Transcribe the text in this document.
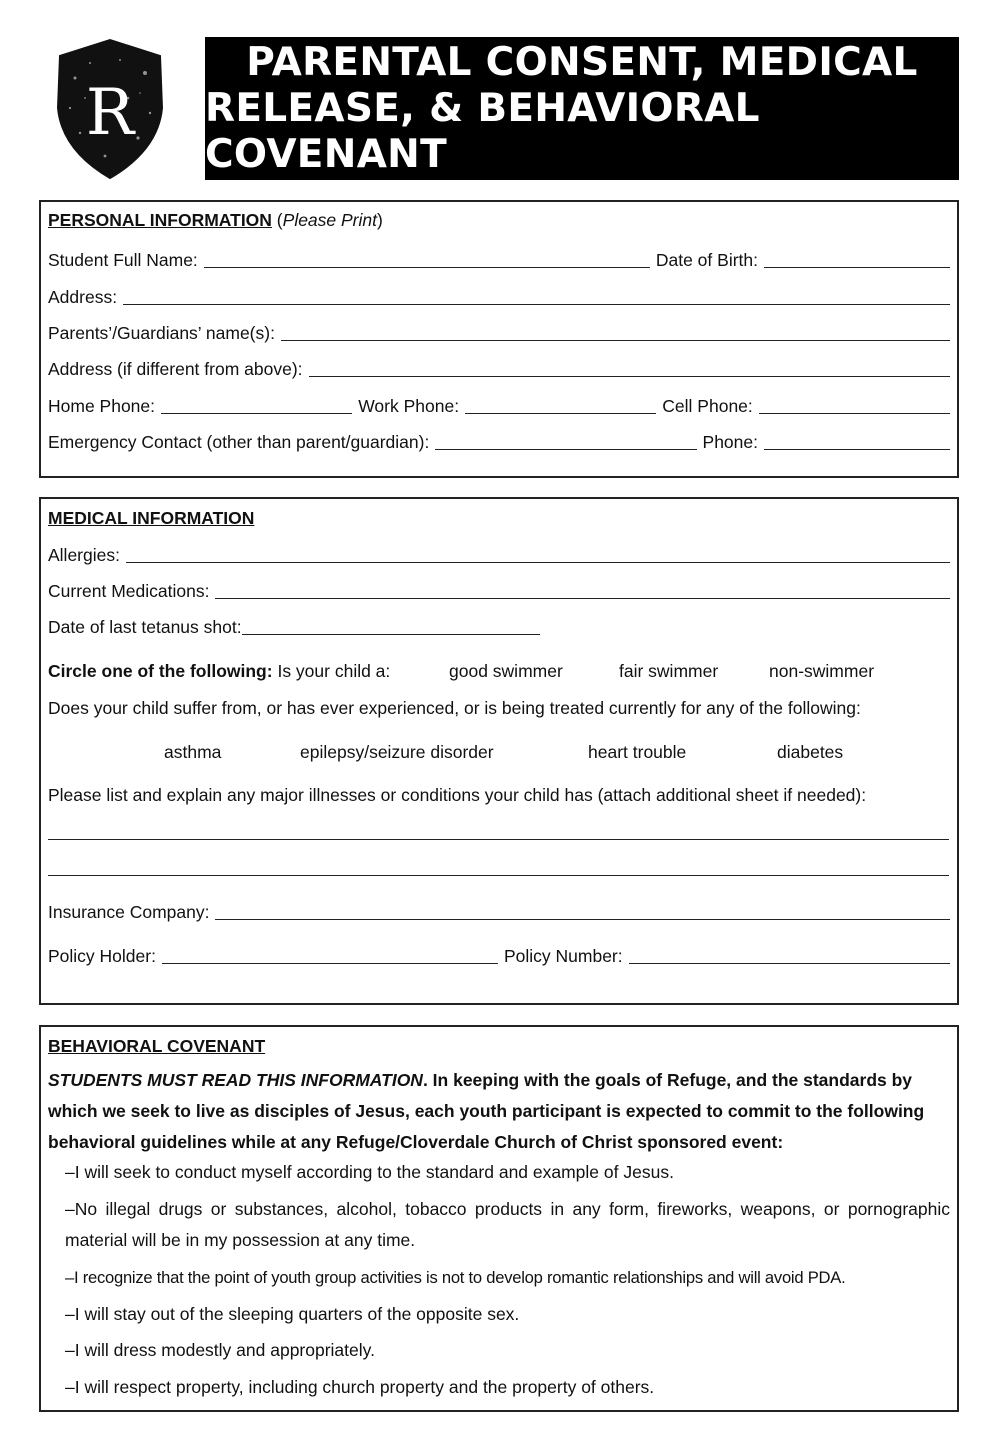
R
PARENTAL CONSENT, MEDICAL
RELEASE, & BEHAVIORAL COVENANT
PERSONAL INFORMATION ( Please Print )
Student Full Name:	Date of Birth:
Address:
Parents’/Guardians’ name(s):
Address (if different from above):
Home Phone:	Work Phone:	Cell Phone:
Emergency Contact (other than parent/guardian):	Phone:
MEDICAL INFORMATION
Allergies:
Current Medications:
Date of last tetanus shot:
Circle one of the following:
Is your child a:	good swimmer	fair swimmer	non-swimmer
Does your child suffer from, or has ever experienced, or is being treated currently for any of the following:
asthma	epilepsy/seizure disorder	heart trouble	diabetes
Please list and explain any major illnesses or conditions your child has (attach additional sheet if needed):
Insurance Company:
Policy Holder:	Policy Number:
BEHAVIORAL COVENANT
STUDENTS MUST READ THIS INFORMATION. In keeping with the goals of Refuge, and the standards by which we seek to live as disciples of Jesus, each youth participant is expected to commit to the following behavioral guidelines while at any Refuge/Cloverdale Church of Christ sponsored event:
–I will seek to conduct myself according to the standard and example of Jesus.
–No illegal drugs or substances, alcohol, tobacco products in any form, fireworks, weapons, or pornographic material will be in my possession at any time.
–I recognize that the point of youth group activities is not to develop romantic relationships and will avoid PDA.
–I will stay out of the sleeping quarters of the opposite sex.
–I will dress modestly and appropriately.
–I will respect property, including church property and the property of others.
